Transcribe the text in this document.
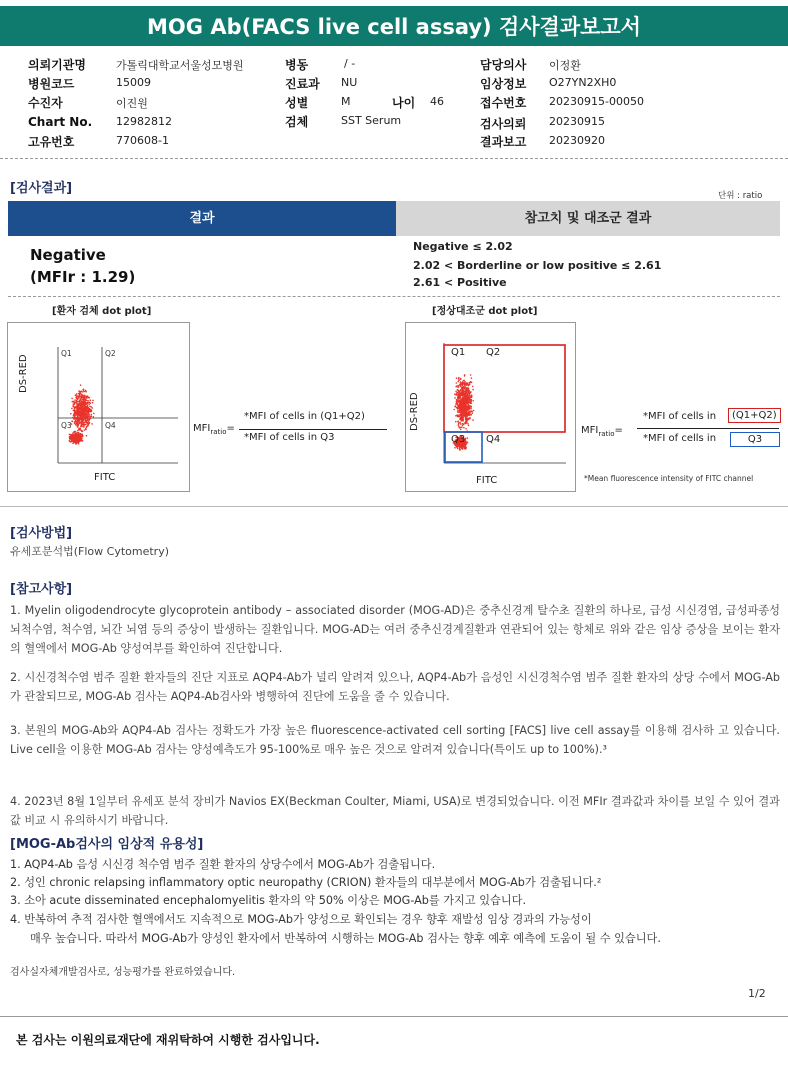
MOG Ab(FACS live cell assay) 검사결과보고서
의뢰기관명	가톨릭대학교서울성모병원
병원코드	15009
수진자	이진원
Chart No. 12982812
고유번호	770608-1
병동	/ -
진료과 NU
성별	M	나이 46
검체	SST Serum
담당의사 이정환
임상정보 O27YN2XH0
접수번호 20230915-00050
검사의뢰 20230915
결과보고 20230920
[검사결과]	단위 : ratio
결과	참고치 및 대조군 결과
Negative
(MFIr : 1.29)
Negative ≤ 2.02
2.02 < Borderline or low positive ≤ 2.61
2.61 < Positive
[환자 검체 dot plot]
Q1	Q2
Q3	Q4
DS-RED
FITC
$MFI_{ratio}=$
*MFI of cells in (Q1+Q2)
*MFI of cells in Q3
[정상대조군 dot plot]
Q1 Q2
Q3 Q4
DS-RED
FITC
$MFI_{ratio}=$
*MFI of cells in	(Q1+Q2)
*MFI of cells in	Q3
*Mean fluorescence intensity of FITC channel
[검사방법]
유세포분석법(Flow Cytometry)
[참고사항]
1. Myelin oligodendrocyte glycoprotein antibody – associated disorder (MOG-AD)은 중추신경계 탈수초 질환의 하나로, 급성 시신경염, 급성파종성 뇌척수염, 척수염, 뇌간 뇌염 등의 증상이 발생하는 질환입니다. MOG-AD는 여러 중추신경계질환과 연관되어 있는 항체로 위와 같은 임상 증상을 보이는 환자의 혈액에서 MOG-Ab 양성여부를 확인하여 진단합니다.
2. 시신경척수염 범주 질환 환자들의 진단 지표로 AQP4-Ab가 널리 알려져 있으나, AQP4-Ab가 음성인 시신경척수염 범주 질환 환자의 상당 수에서 MOG-Ab가 관찰되므로, MOG-Ab 검사는 AQP4-Ab검사와 병행하여 진단에 도움을 줄 수 있습니다.
3. 본원의 MOG-Ab와 AQP4-Ab 검사는 정확도가 가장 높은 fluorescence-activated cell sorting [FACS] live cell assay를 이용해 검사하 고 있습니다. Live cell을 이용한 MOG-Ab 검사는 양성예측도가 95-100%로 매우 높은 것으로 알려져 있습니다(특이도 up to 100%).³
4. 2023년 8월 1일부터 유세포 분석 장비가 Navios EX(Beckman Coulter, Miami, USA)로 변경되었습니다. 이전 MFIr 결과값과 차이를 보일 수 있어 결과값 비교 시 유의하시기 바랍니다.
[MOG-Ab검사의 임상적 유용성]
1. AQP4-Ab 음성 시신경 척수염 범주 질환 환자의 상당수에서 MOG-Ab가 검출됩니다.
2. 성인 chronic relapsing inflammatory optic neuropathy (CRION) 환자들의 대부분에서 MOG-Ab가 검출됩니다.²
3. 소아 acute disseminated encephalomyelitis 환자의 약 50% 이상은 MOG-Ab를 가지고 있습니다.
4. 반복하여 추적 검사한 혈액에서도 지속적으로 MOG-Ab가 양성으로 확인되는 경우 향후 재발성 임상 경과의 가능성이
매우 높습니다. 따라서 MOG-Ab가 양성인 환자에서 반복하여 시행하는 MOG-Ab 검사는 향후 예후 예측에 도움이 될 수 있습니다.
검사실자체개발검사로, 성능평가를 완료하였습니다.
1/2
본 검사는 이원의료재단에 재위탁하여 시행한 검사입니다.
